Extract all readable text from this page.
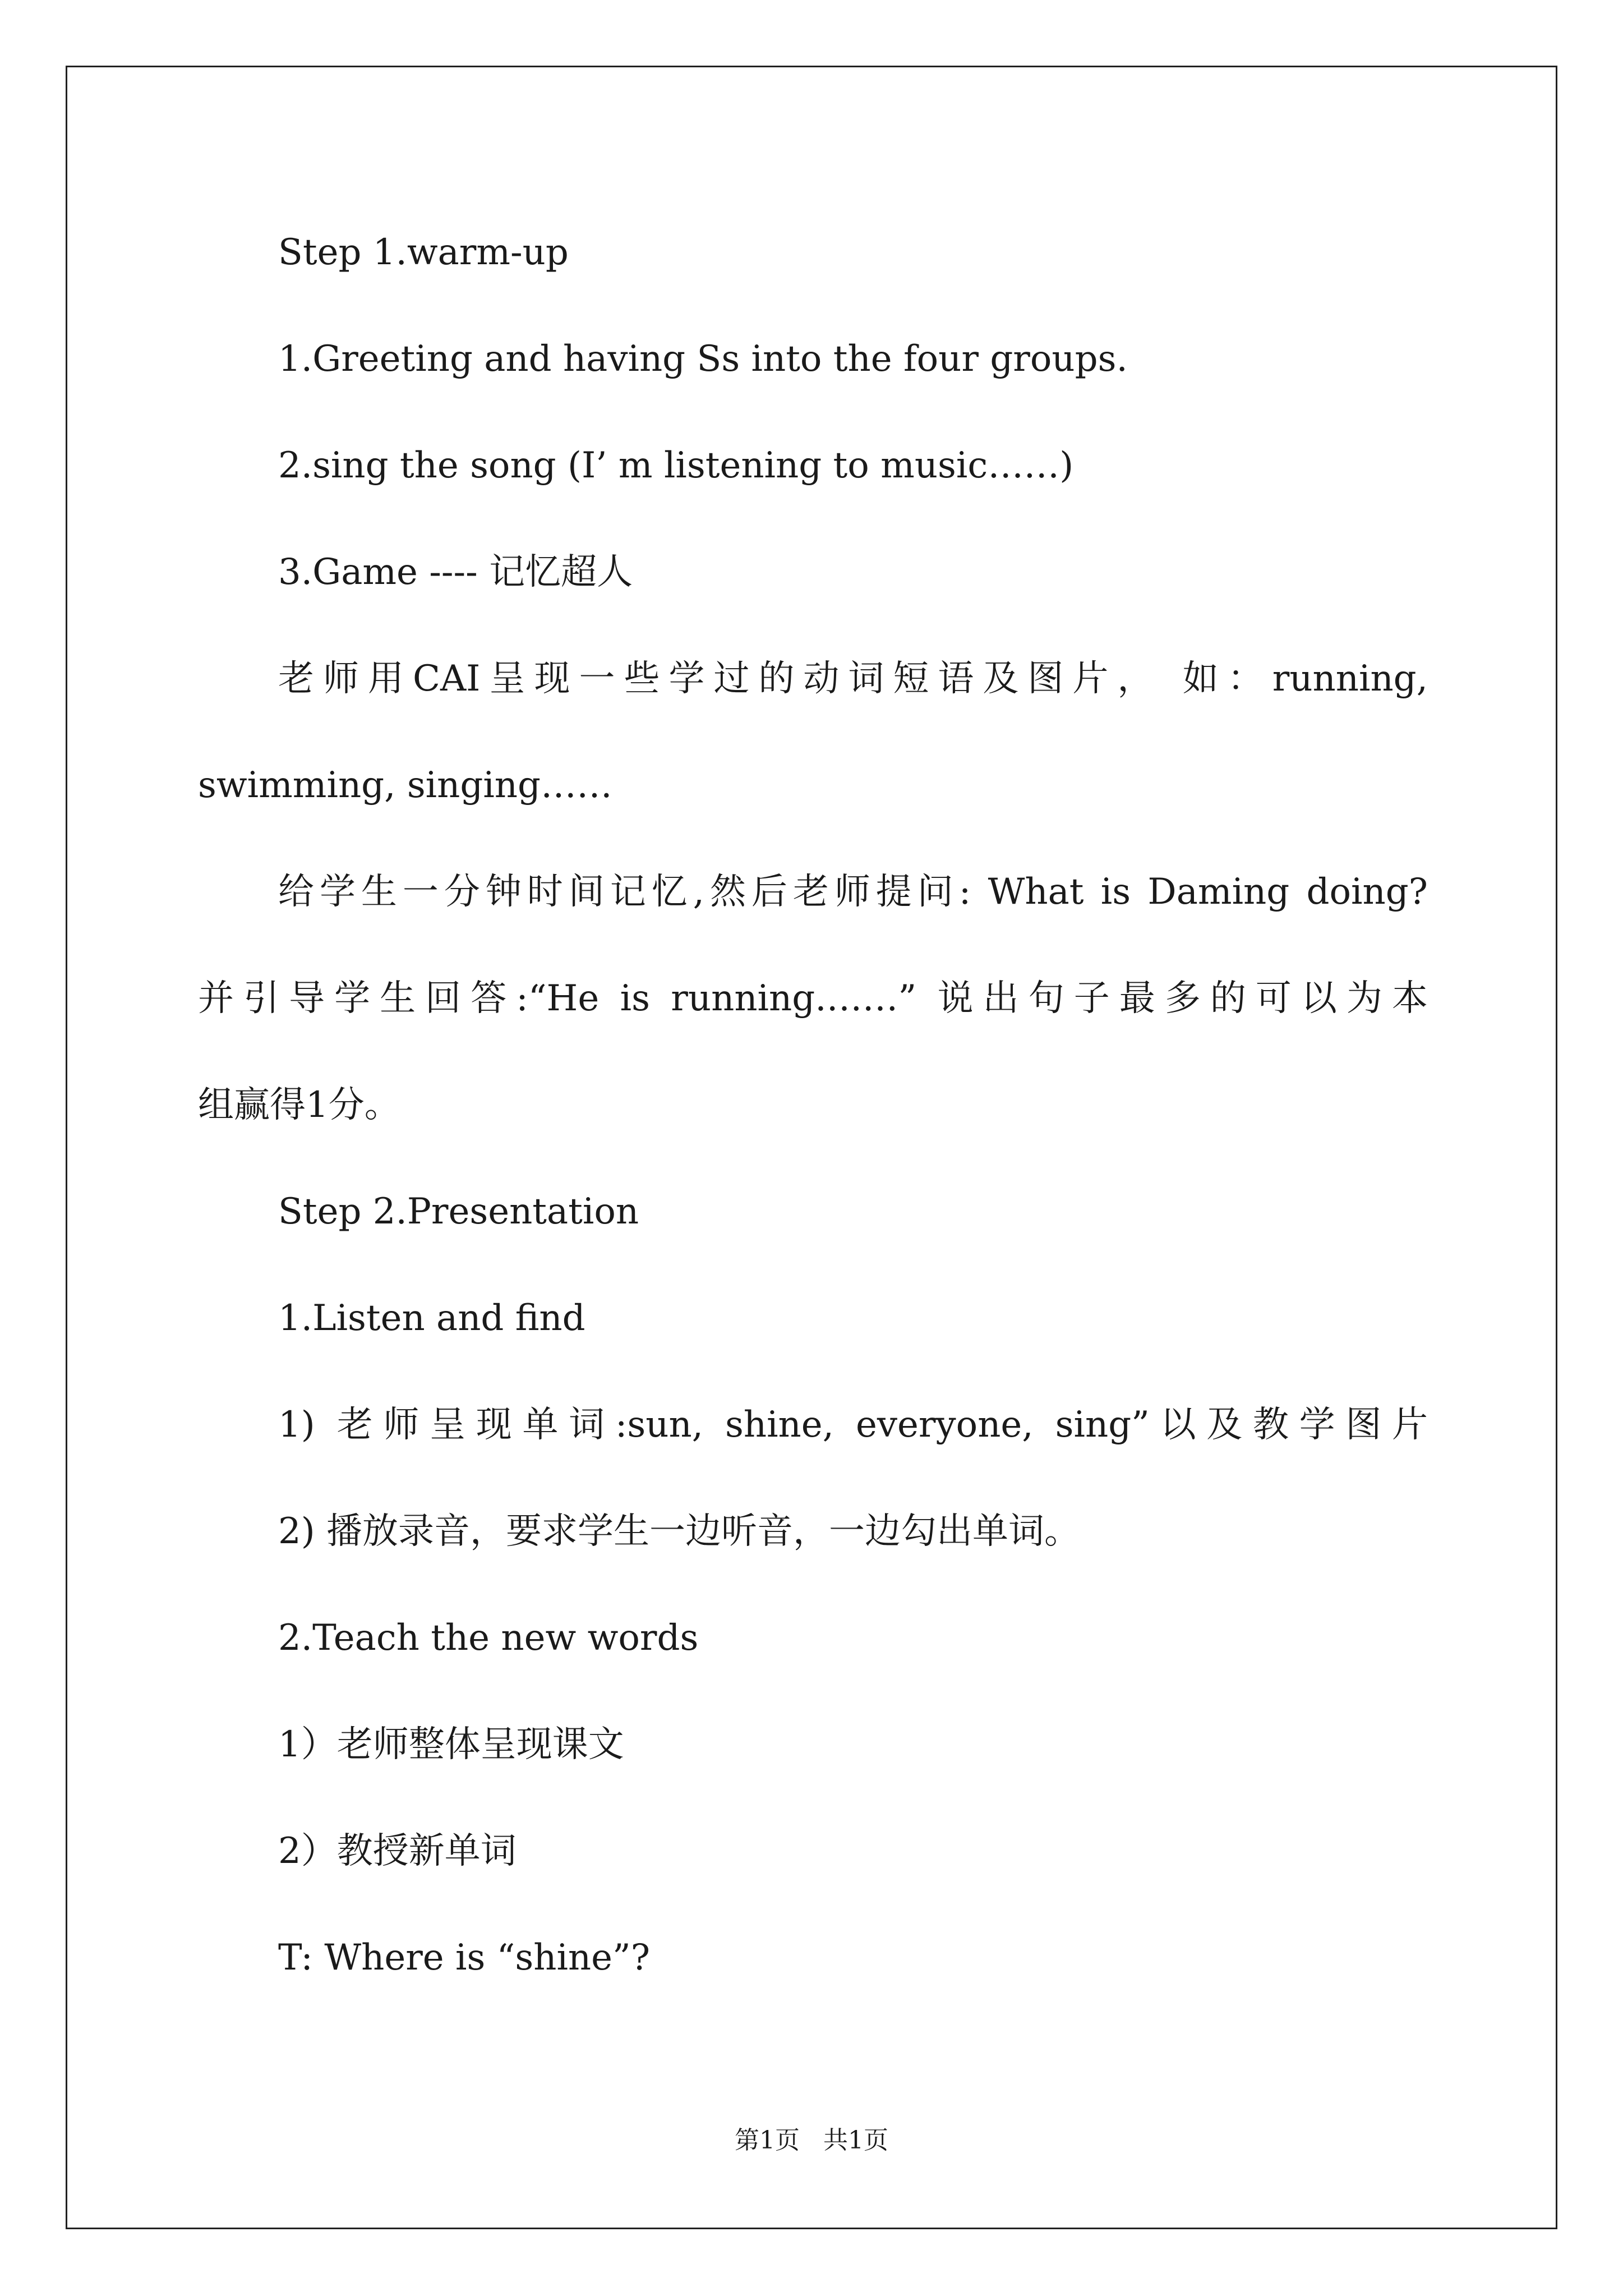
Step 1.warm-up
1.Greeting and having Ss into the four groups.
2.sing the song (I’ m listening to music……)
3.Game ---- 记忆超人
老师用CAI呈现一些学过的动词短语及图片， 如：running,
swimming, singing……
给学生一分钟时间记忆,然后老师提问: What is Daming doing?
并引导学生回答:“He is running.……” 说出句子最多的可以为本
组赢得1分。
Step 2.Presentation
1.Listen and find
1) 老师呈现单词:sun, shine, everyone, sing”以及教学图片
2) 播放录音，要求学生一边听音，一边勾出单词。
2.Teach the new words
1）老师整体呈现课文
2）教授新单词
T: Where is “shine”?
第1页   共1页
